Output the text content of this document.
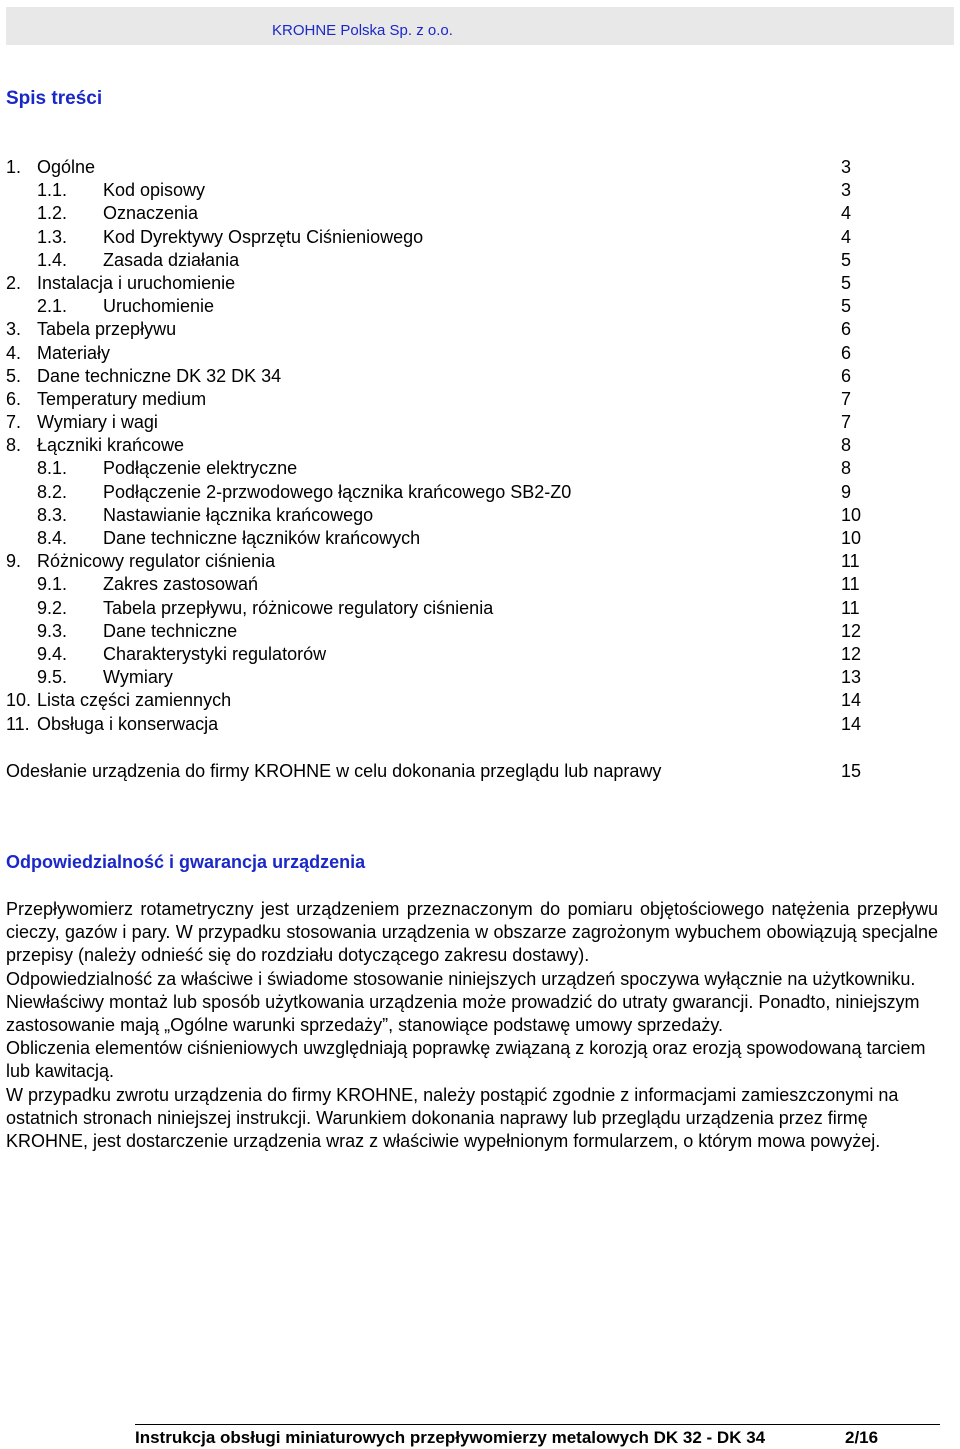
KROHNE Polska Sp. z o.o.
Spis treści
1. Ogólne	3
1.1. Kod opisowy	3
1.2. Oznaczenia	4
1.3. Kod Dyrektywy Osprzętu Ciśnieniowego	4
1.4. Zasada działania	5
2. Instalacja i uruchomienie	5
2.1. Uruchomienie	5
3. Tabela przepływu	6
4. Materiały	6
5. Dane techniczne DK 32 DK 34	6
6. Temperatury medium	7
7. Wymiary i wagi	7
8. Łączniki krańcowe	8
8.1. Podłączenie elektryczne	8
8.2. Podłączenie 2-przwodowego łącznika krańcowego SB2-Z0	9
8.3. Nastawianie łącznika krańcowego	10
8.4. Dane techniczne łączników krańcowych	10
9. Różnicowy regulator ciśnienia	11
9.1. Zakres zastosowań	11
9.2. Tabela przepływu, różnicowe regulatory ciśnienia	11
9.3. Dane techniczne	12
9.4. Charakterystyki regulatorów	12
9.5. Wymiary	13
10. Lista części zamiennych	14
11. Obsługa i konserwacja	14
Odesłanie urządzenia do firmy KROHNE w celu dokonania przeglądu lub naprawy	15
Odpowiedzialność i gwarancja urządzenia

Przepływomierz rotametryczny jest urządzeniem przeznaczonym do pomiaru objętościowego natężenia przepływu cieczy, gazów i pary. W przypadku stosowania urządzenia w obszarze zagrożonym wybuchem obowiązują specjalne przepisy (należy odnieść się do rozdziału dotyczącego zakresu dostawy).

Odpowiedzialność za właściwe i świadome stosowanie niniejszych urządzeń spoczywa wyłącznie na użytkowniku. Niewłaściwy montaż lub sposób użytkowania urządzenia może prowadzić do utraty gwarancji. Ponadto, niniejszym zastosowanie mają „Ogólne warunki sprzedaży”, stanowiące podstawę umowy sprzedaży.

Obliczenia elementów ciśnieniowych uwzględniają poprawkę związaną z korozją oraz erozją spowodowaną tarciem lub kawitacją.

W przypadku zwrotu urządzenia do firmy KROHNE, należy postąpić zgodnie z informacjami zamieszczonymi na ostatnich stronach niniejszej instrukcji. Warunkiem dokonania naprawy lub przeglądu urządzenia przez firmę KROHNE, jest dostarczenie urządzenia wraz z właściwie wypełnionym formularzem, o którym mowa powyżej.

Instrukcja obsługi miniaturowych przepływomierzy metalowych DK 32 - DK 34	2/16
